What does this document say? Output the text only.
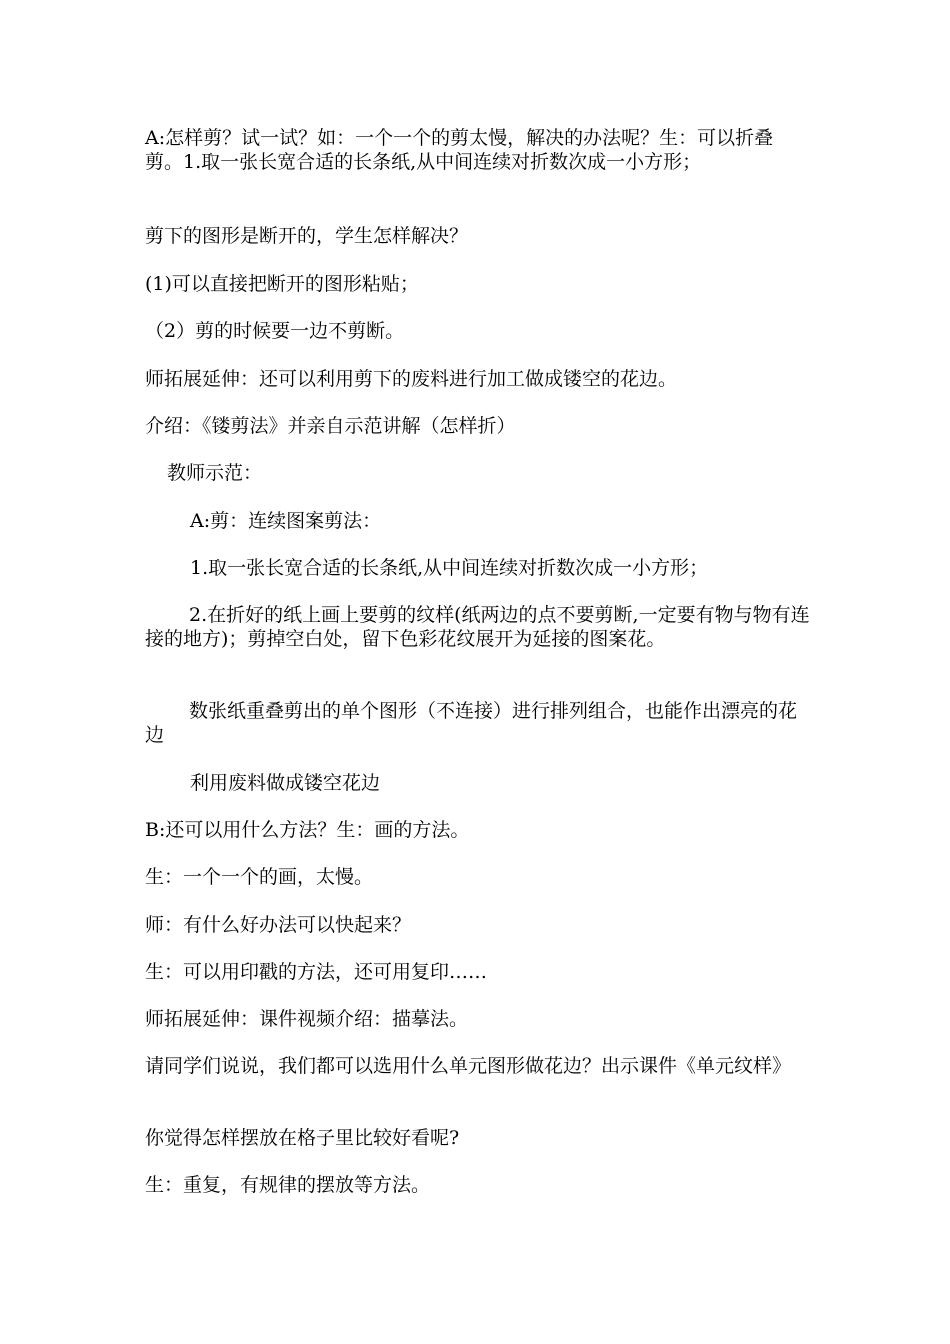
A:怎样剪？试一试？如：一个一个的剪太慢，解决的办法呢？生：可以折叠剪。1.取一张长宽合适的长条纸,从中间连续对折数次成一小方形；
剪下的图形是断开的，学生怎样解决？
(1)可以直接把断开的图形粘贴；
（2）剪的时候要一边不剪断。
师拓展延伸：还可以利用剪下的废料进行加工做成镂空的花边。
介绍：《镂剪法》并亲自示范讲解（怎样折）
教师示范：
A:剪：连续图案剪法：
1.取一张长宽合适的长条纸,从中间连续对折数次成一小方形；
2.在折好的纸上画上要剪的纹样(纸两边的点不要剪断,一定要有物与物有连接的地方)；剪掉空白处，留下色彩花纹展开为延接的图案花。
数张纸重叠剪出的单个图形（不连接）进行排列组合，也能作出漂亮的花边
利用废料做成镂空花边
B:还可以用什么方法？生：画的方法。
生：一个一个的画，太慢。
师：有什么好办法可以快起来？
生：可以用印戳的方法，还可用复印……
师拓展延伸：课件视频介绍：描摹法。
请同学们说说，我们都可以选用什么单元图形做花边？出示课件《单元纹样》
你觉得怎样摆放在格子里比较好看呢?
生：重复，有规律的摆放等方法。
